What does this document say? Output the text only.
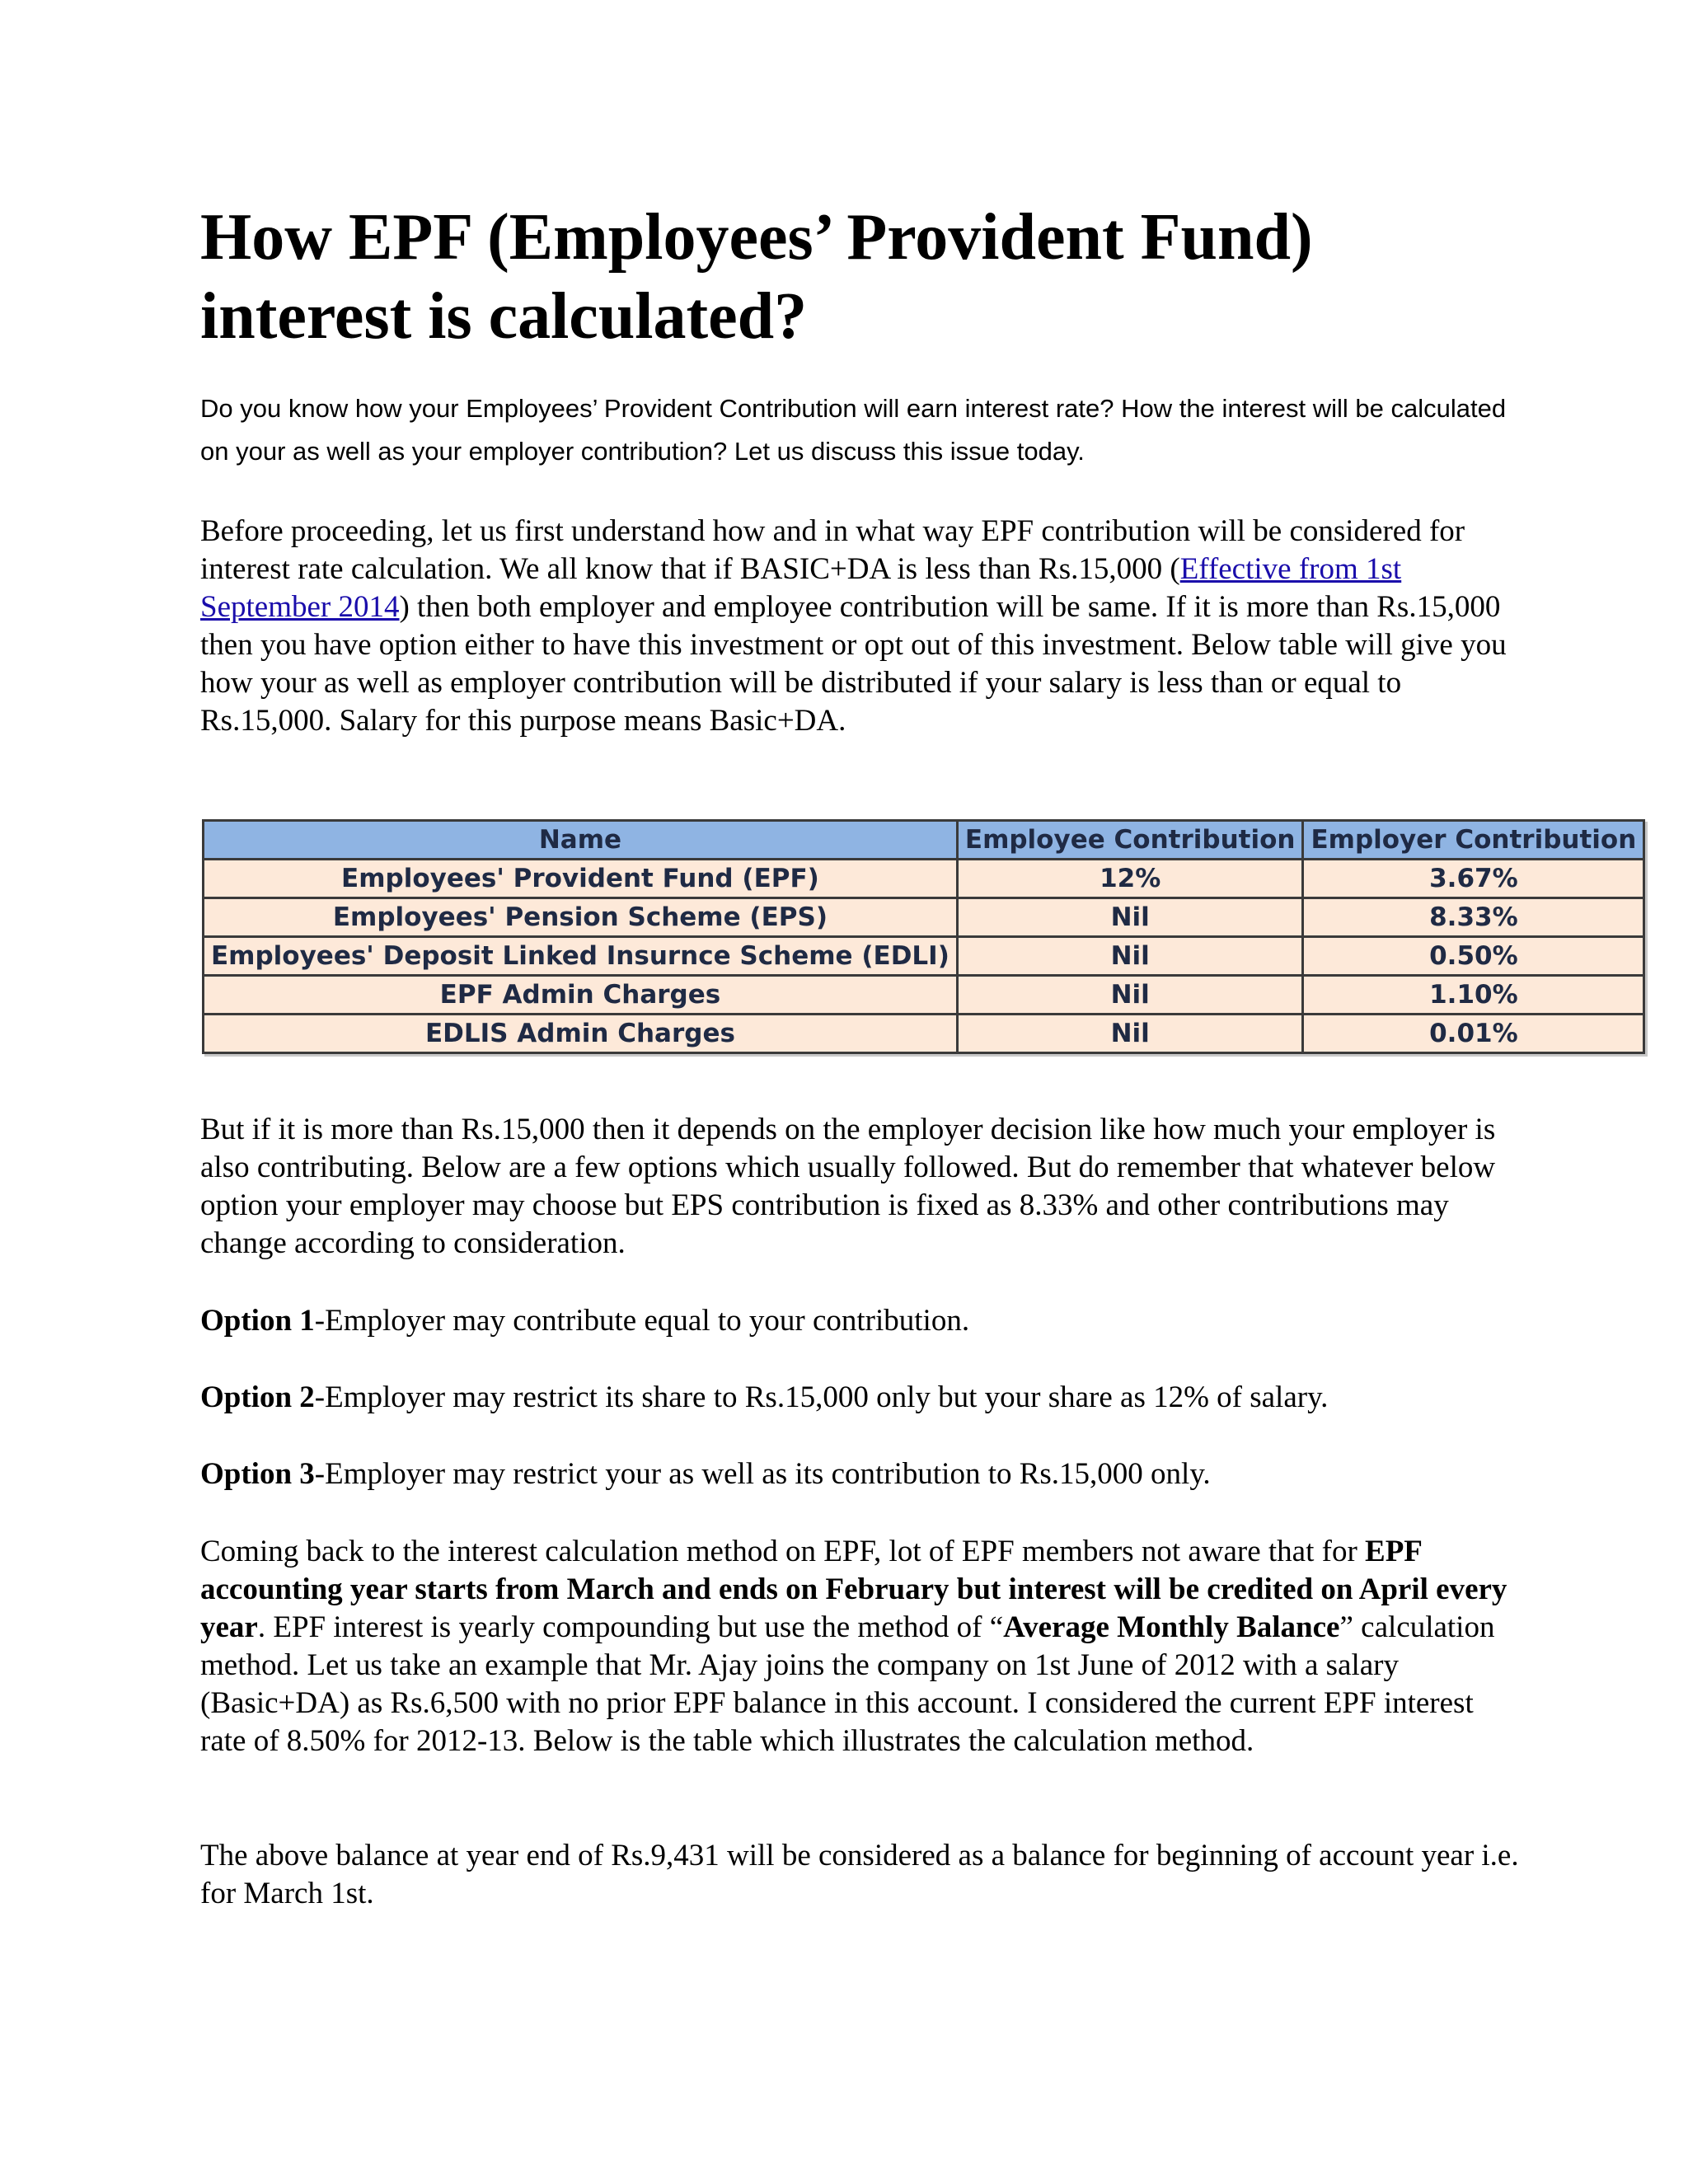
How EPF (Employees’ Provident Fund) interest is calculated?

Do you know how your Employees’ Provident Contribution will earn interest rate? How the interest will be calculated on your as well as your employer contribution? Let us discuss this issue today.

Before proceeding, let us first understand how and in what way EPF contribution will be considered for interest rate calculation. We all know that if BASIC+DA is less than Rs.15,000 (Effective from 1st September 2014) then both employer and employee contribution will be same. If it is more than Rs.15,000 then you have option either to have this investment or opt out of this investment. Below table will give you how your as well as employer contribution will be distributed if your salary is less than or equal to Rs.15,000. Salary for this purpose means Basic+DA.

Name	Employee Contribution	Employer Contribution
Employees' Provident Fund (EPF)	12%	3.67%
Employees' Pension Scheme (EPS)	Nil	8.33%
Employees' Deposit Linked Insurnce Scheme (EDLI)	Nil	0.50%
EPF Admin Charges	Nil	1.10%
EDLIS Admin Charges	Nil	0.01%

But if it is more than Rs.15,000 then it depends on the employer decision like how much your employer is also contributing. Below are a few options which usually followed. But do remember that whatever below option your employer may choose but EPS contribution is fixed as 8.33% and other contributions may change according to consideration.

Option 1-Employer may contribute equal to your contribution.

Option 2-Employer may restrict its share to Rs.15,000 only but your share as 12% of salary.

Option 3-Employer may restrict your as well as its contribution to Rs.15,000 only.

Coming back to the interest calculation method on EPF, lot of EPF members not aware that for EPF accounting year starts from March and ends on February but interest will be credited on April every year. EPF interest is yearly compounding but use the method of “Average Monthly Balance” calculation method. Let us take an example that Mr. Ajay joins the company on 1st June of 2012 with a salary (Basic+DA) as Rs.6,500 with no prior EPF balance in this account. I considered the current EPF interest rate of 8.50% for 2012-13. Below is the table which illustrates the calculation method.

The above balance at year end of Rs.9,431 will be considered as a balance for beginning of account year i.e. for March 1st.
